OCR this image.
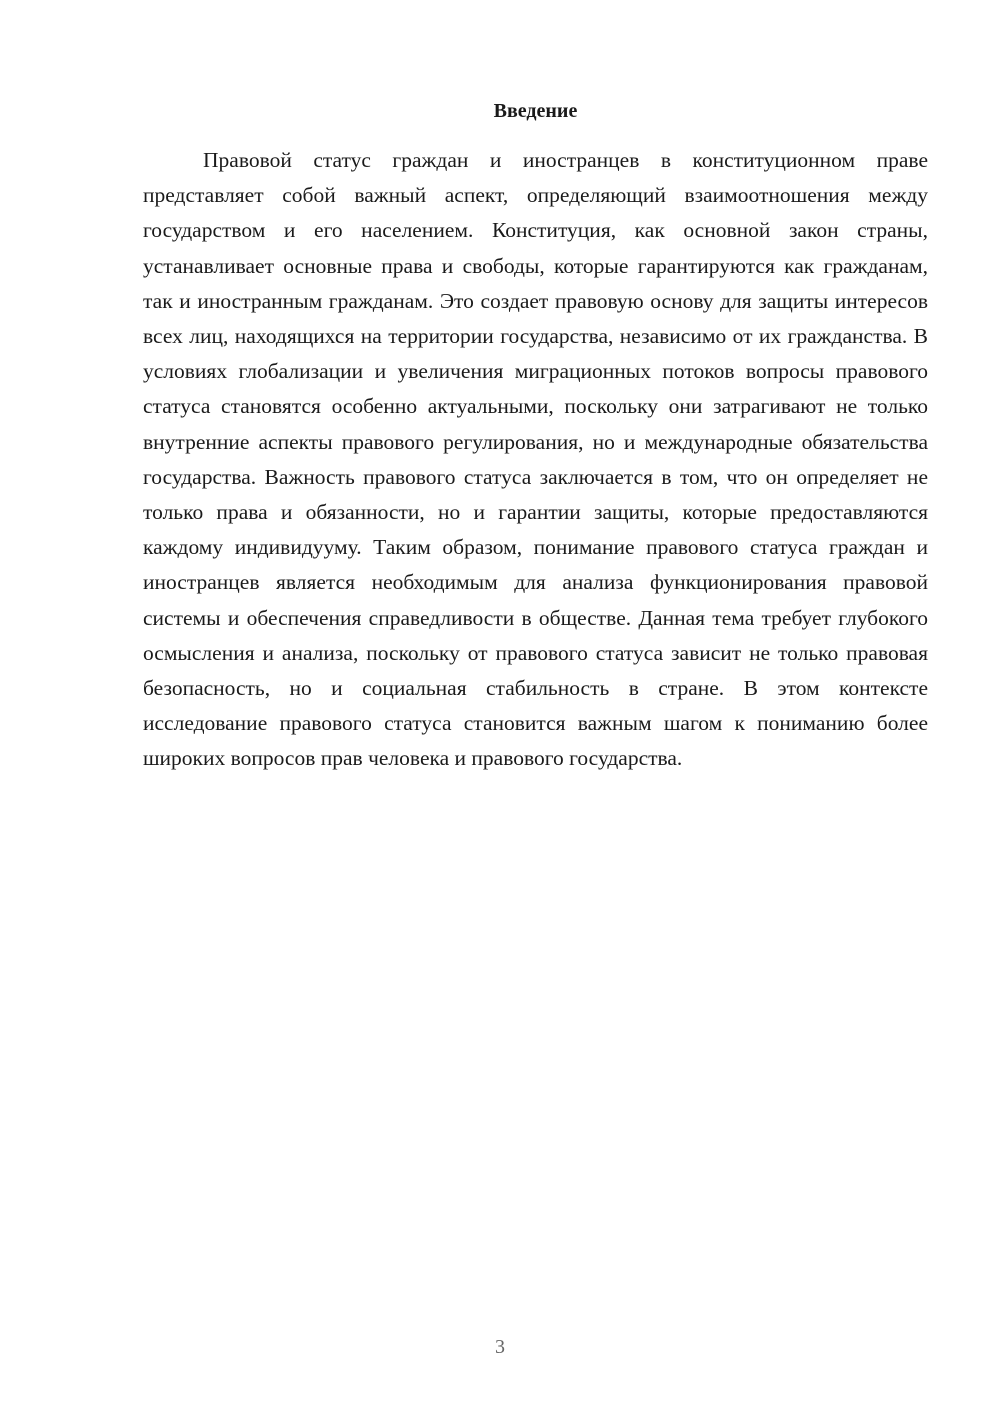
Введение

Правовой статус граждан и иностранцев в конституционном праве представляет собой важный аспект, определяющий взаимоотношения между государством и его населением. Конституция, как основной закон страны, устанавливает основные права и свободы, которые гарантируются как гражданам, так и иностранным гражданам. Это создает правовую основу для защиты интересов всех лиц, находящихся на территории государства, независимо от их гражданства. В условиях глобализации и увеличения миграционных потоков вопросы правового статуса становятся особенно актуальными, поскольку они затрагивают не только внутренние аспекты правового регулирования, но и международные обязательства государства. Важность правового статуса заключается в том, что он определяет не только права и обязанности, но и гарантии защиты, которые предоставляются каждому индивидууму. Таким образом, понимание правового статуса граждан и иностранцев является необходимым для анализа функционирования правовой системы и обеспечения справедливости в обществе. Данная тема требует глубокого осмысления и анализа, поскольку от правового статуса зависит не только правовая безопасность, но и социальная стабильность в стране. В этом контексте исследование правового статуса становится важным шагом к пониманию более широких вопросов прав человека и правового государства.

3
